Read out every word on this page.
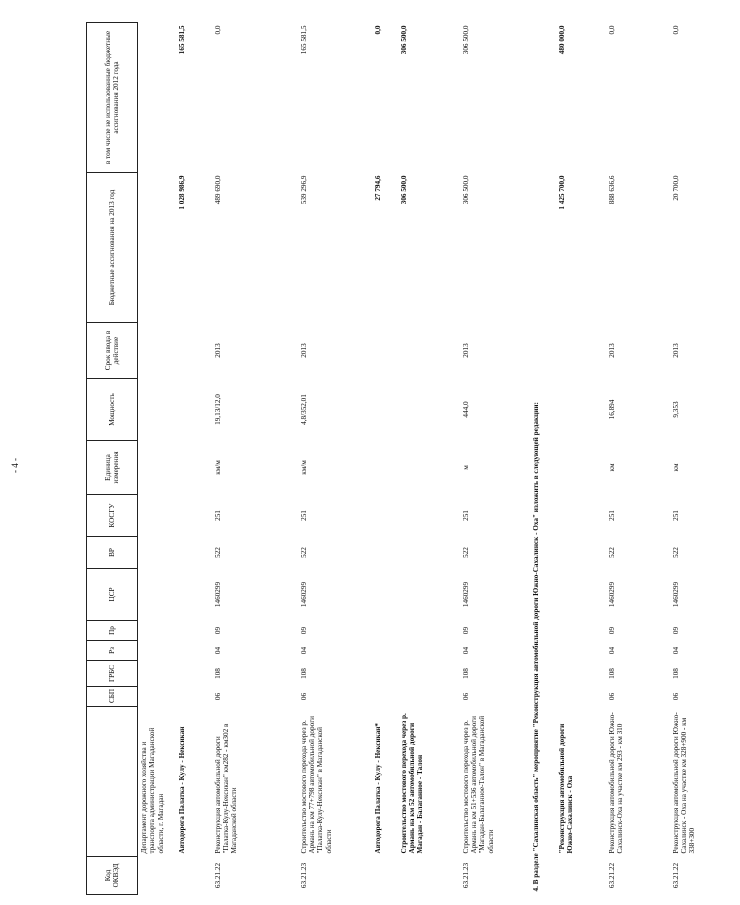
- 4 -
Код ОКВЭД		СБП	ГРБС	Рз	Пр	ЦСР	ВР	КОСГУ	Единица измерения	Мощность	Срок ввода в действие	Бюджетные ассигнования на 2013 год	в том числе не использованные бюджетные ассигнования 2012 года
	Департамент дорожного хозяйства и транспорта администрации Магаданской области, г. Магадан												
	Автодорога Палатка - Кулу - Нексикан											1 028 986,9	165 581,5
63.21.22	Реконструкция автомобильной дороги "Палатка-Кулу-Нексикан" км282 - км302 в Магаданской области	06	108	04	09	1460299	522	251	км/м	19,13/12,0	2013	489 690,0	0,0
63.21.23	Строительство мостового перехода через р. Армань на км 77+798 автомобильной дороги "Палатка-Кулу-Нексикан" в Магаданской области	06	108	04	09	1460299	522	251	км/м	4,8/352,01	2013	539 296,9	165 581,5
	Автодорога Палатка - Кулу - Нексикан*											27 794,6	0,0
	Строительство мостового перехода через р. Армань на км 52 автомобильной дороги Магадан - Балаганное - Талон											306 500,0	306 500,0
63.21.23	Строительство мостового перехода через р. Армань на км 51+536 автомобильной дороги "Магадан-Балаганное-Талон" в Магаданской области	06	108	04	09	1460299	522	251	м	444,0	2013	306 500,0	306 500,0
4. В разделе "Сахалинская область" мероприятие "Реконструкция автомобильной дороги Южно-Сахалинск - Оха" изложить в следующей редакции:													
	"Реконструкция автомобильной дороги Южно-Сахалинск - Оха											1 425 700,0	480 000,0
63.21.22	Реконструкция автомобильной дороги Южно-Сахалинск-Оха на участке км 293 - км 310	06	108	04	09	1460299	522	251	км	16,894	2013	888 636,6	0,0
63.21.22	Реконструкция автомобильной дороги Южно-Сахалинск - Оха на участке км 328+900 - км 338+300	06	108	04	09	1460299	522	251	км	9,353	2013	20 700,0	0,0
